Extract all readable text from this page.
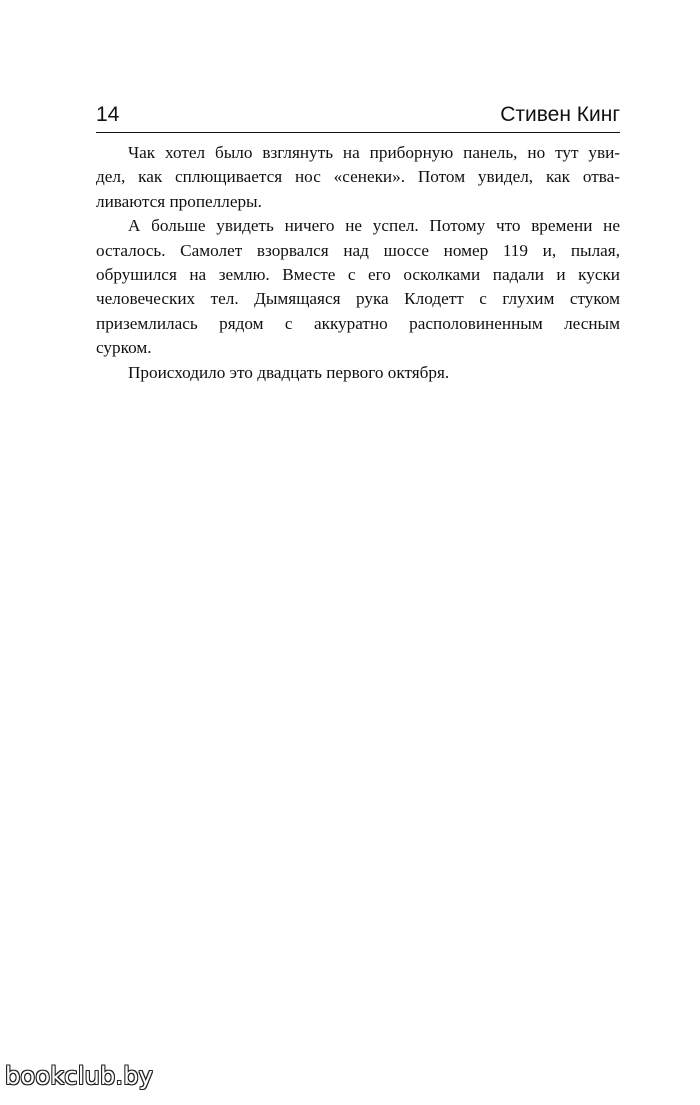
14	Стивен Кинг

Чак хотел было взглянуть на приборную панель, но тут уви-
дел, как сплющивается нос «сенеки». Потом увидел, как отва-
ливаются пропеллеры.

А больше увидеть ничего не успел. Потому что времени не
осталось. Самолет взорвался над шоссе номер 119 и, пылая,
обрушился на землю. Вместе с его осколками падали и куски
человеческих тел. Дымящаяся рука Клодетт с глухим стуком
приземлилась рядом с аккуратно располовиненным лесным
сурком.

Происходило это двадцать первого октября.

bookclub.by
